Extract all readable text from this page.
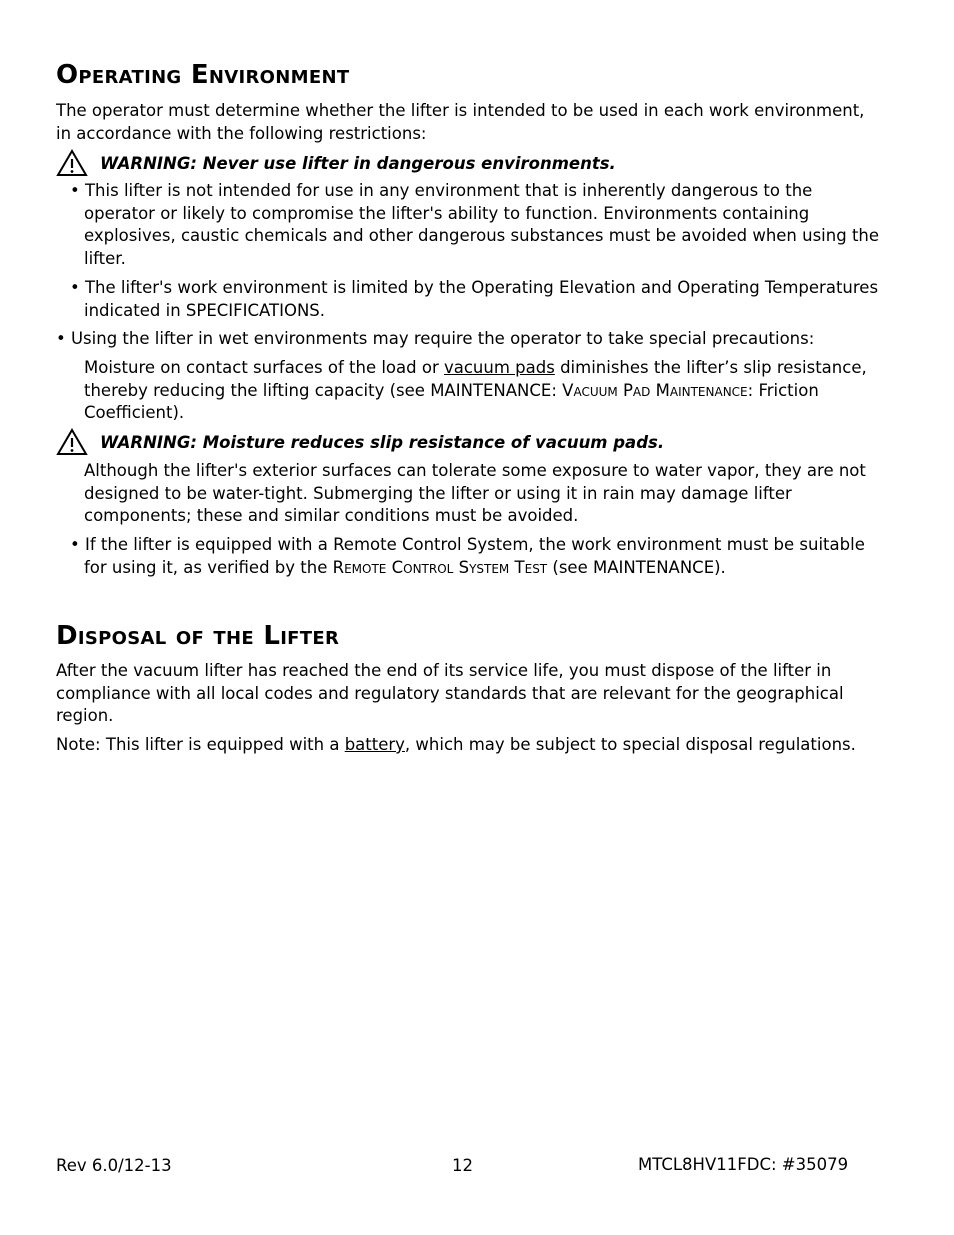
Operating Environment

The operator must determine whether the lifter is intended to be used in each work environment, in accordance with the following restrictions:

WARNING: Never use lifter in dangerous environments.

• This lifter is not intended for use in any environment that is inherently dangerous to the operator or likely to compromise the lifter's ability to function. Environments containing explosives, caustic chemicals and other dangerous substances must be avoided when using the lifter.

• The lifter's work environment is limited by the Operating Elevation and Operating Temperatures indicated in SPECIFICATIONS.

• Using the lifter in wet environments may require the operator to take special precautions:

Moisture on contact surfaces of the load or vacuum pads diminishes the lifter’s slip resistance, thereby reducing the lifting capacity (see MAINTENANCE: Vacuum Pad Maintenance: Friction Coefficient).

WARNING: Moisture reduces slip resistance of vacuum pads.

Although the lifter's exterior surfaces can tolerate some exposure to water vapor, they are not designed to be water-tight. Submerging the lifter or using it in rain may damage lifter components; these and similar conditions must be avoided.

• If the lifter is equipped with a Remote Control System, the work environment must be suitable for using it, as verified by the Remote Control System Test (see MAINTENANCE).

Disposal of the Lifter

After the vacuum lifter has reached the end of its service life, you must dispose of the lifter in compliance with all local codes and regulatory standards that are relevant for the geographical region.

Note: This lifter is equipped with a battery, which may be subject to special disposal regulations.

Rev 6.0/12-13	12	MTCL8HV11FDC: #35079
